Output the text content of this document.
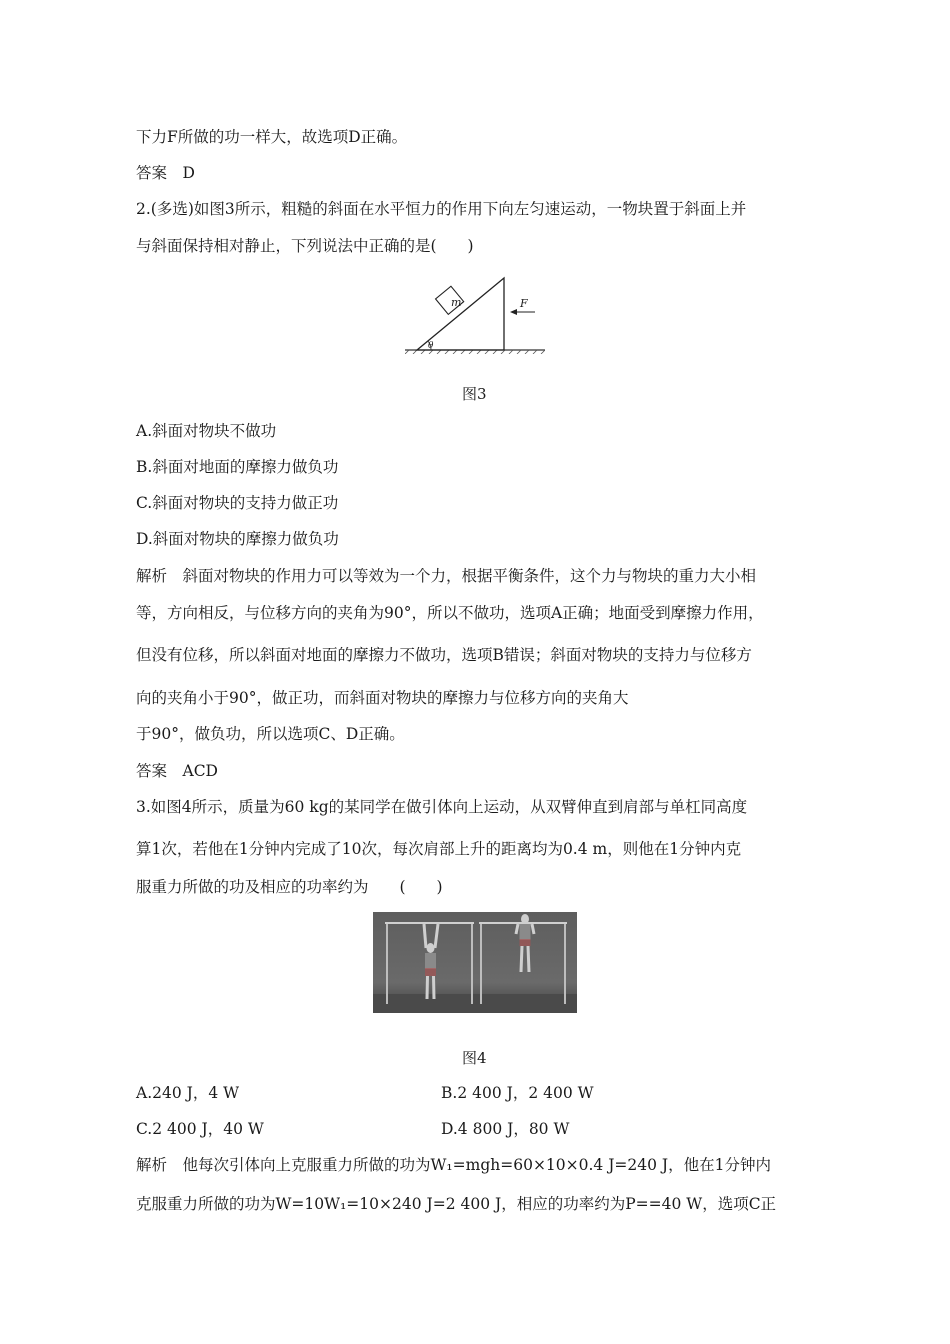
下力F所做的功一样大，故选项D正确。
答案　D
2.(多选)如图3所示，粗糙的斜面在水平恒力的作用下向左匀速运动，一物块置于斜面上并
与斜面保持相对静止，下列说法中正确的是(　　)
m	F
θ
图3
A.斜面对物块不做功
B.斜面对地面的摩擦力做负功
C.斜面对物块的支持力做正功
D.斜面对物块的摩擦力做负功
解析　斜面对物块的作用力可以等效为一个力，根据平衡条件，这个力与物块的重力大小相
等，方向相反，与位移方向的夹角为90°，所以不做功，选项A正确；地面受到摩擦力作用，
但没有位移，所以斜面对地面的摩擦力不做功，选项B错误；斜面对物块的支持力与位移方
向的夹角小于90°，做正功，而斜面对物块的摩擦力与位移方向的夹角大
于90°，做负功，所以选项C、D正确。
答案　ACD
3.如图4所示，质量为60 kg的某同学在做引体向上运动，从双臂伸直到肩部与单杠同高度
算1次，若他在1分钟内完成了10次，每次肩部上升的距离均为0.4 m，则他在1分钟内克
服重力所做的功及相应的功率约为　　(　　)
图4
A.240 J，4 W	B.2 400 J，2 400 W
C.2 400 J，40 W	D.4 800 J，80 W
解析　他每次引体向上克服重力所做的功为W₁=mgh=60×10×0.4 J=240 J，他在1分钟内
克服重力所做的功为W=10W₁=10×240 J=2 400 J，相应的功率约为P==40 W，选项C正
